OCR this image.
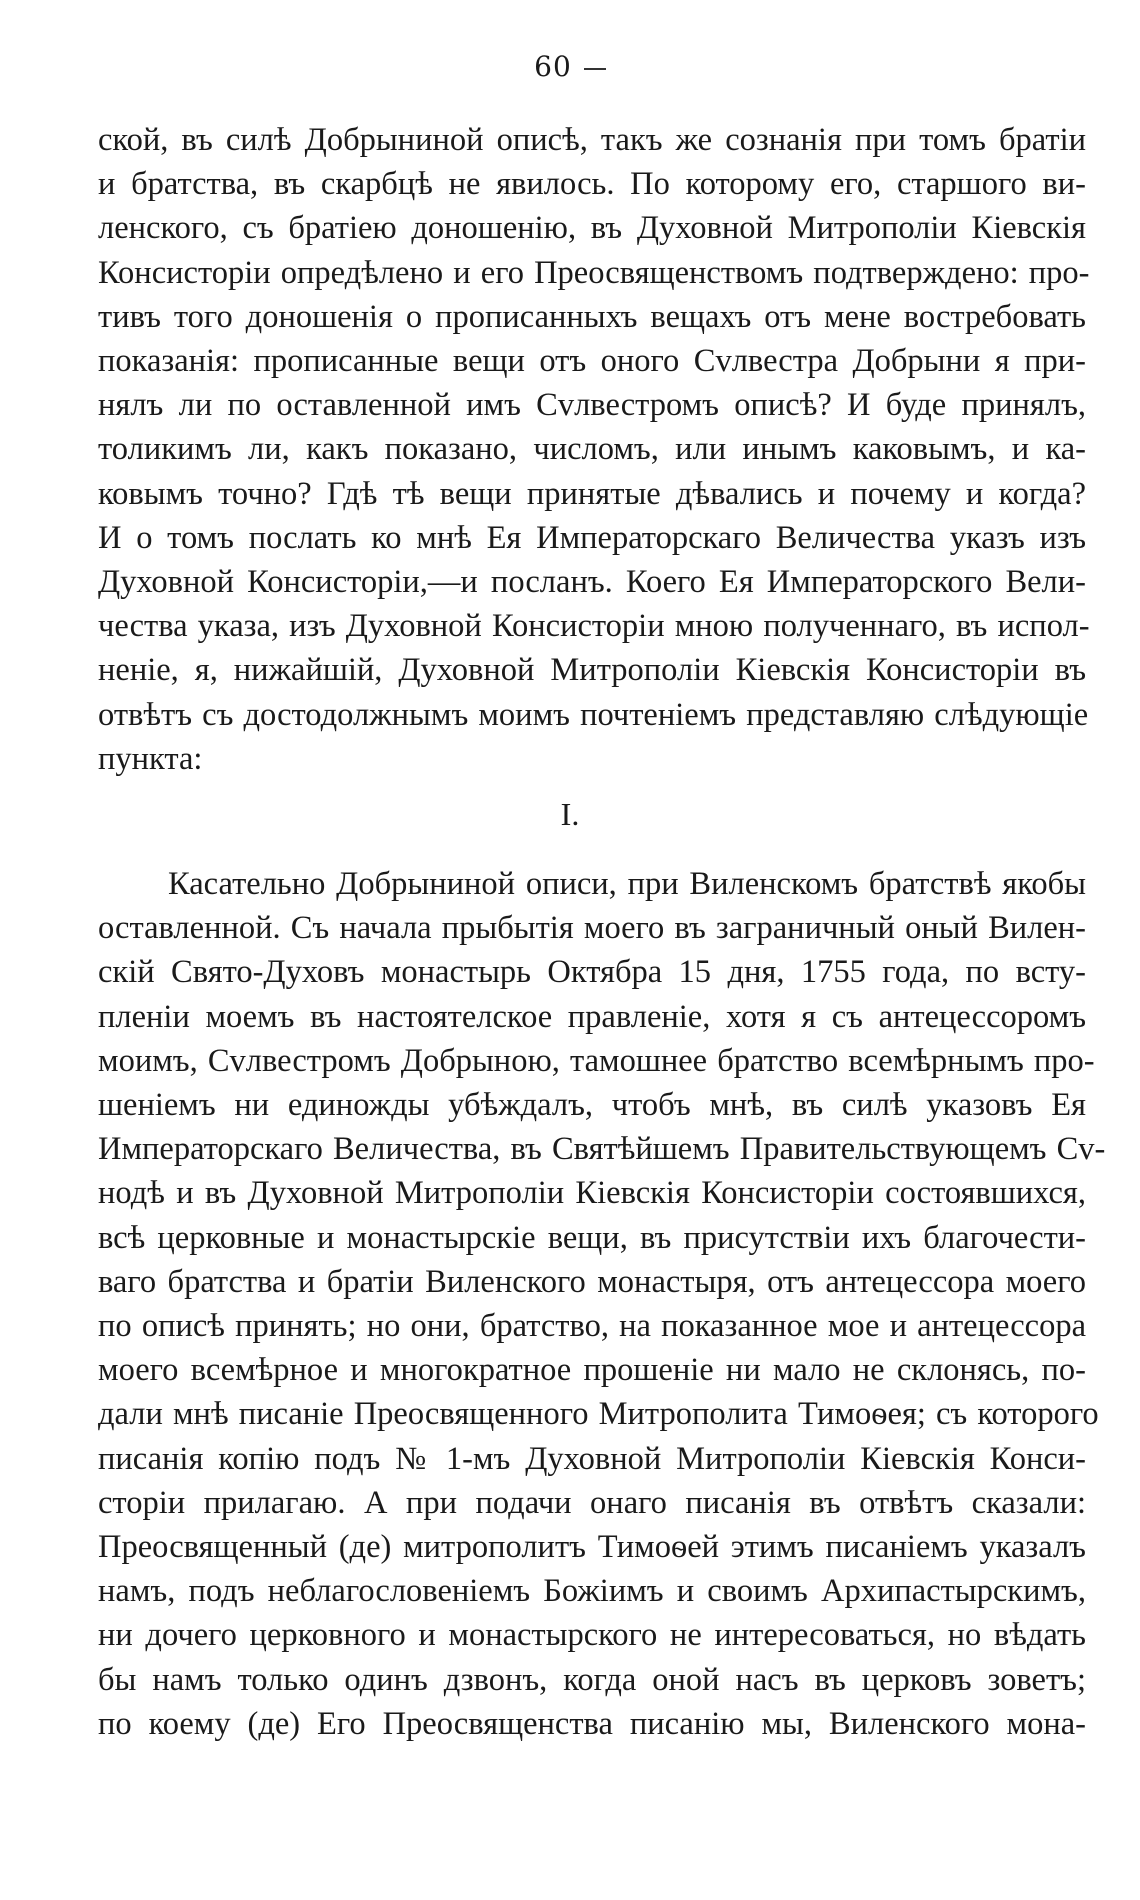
60

ской, въ силѣ Добрыниной описѣ, такъ же сознанія при томъ братіи
и братства, въ скарбцѣ не явилось. По которому его, старшого ви-
ленского, съ братіею доношенію, въ Духовной Митрополіи Кіевскія
Консисторіи опредѣлено и его Преосвященствомъ подтверждено: про-
тивъ того доношенія о прописанныхъ вещахъ отъ мене востребовать
показанія: прописанные вещи отъ оного Сvлвестра Добрыни я при-
нялъ ли по оставленной имъ Сvлвестромъ описѣ? И буде принялъ,
толикимъ ли, какъ показано, числомъ, или инымъ каковымъ, и ка-
ковымъ точно? Гдѣ тѣ вещи принятые дѣвались и почему и когда?
И о томъ послать ко мнѣ Ея Императорскаго Величества указъ изъ
Духовной Консисторіи,—и посланъ. Коего Ея Императорского Вели-
чества указа, изъ Духовной Консисторіи мною полученнаго, въ испол-
неніе, я, нижайшій, Духовной Митрополіи Кіевскія Консисторіи въ
отвѣтъ съ достодолжнымъ моимъ почтеніемъ представляю слѣдующіе
пункта:

I.

Касательно Добрыниной описи, при Виленскомъ братствѣ якобы
оставленной. Съ начала прыбытія моего въ заграничный оный Вилен-
скій Свято-Духовъ монастырь Октябра 15 дня, 1755 года, по всту-
пленіи моемъ въ настоятелское правленіе, хотя я съ антецессоромъ
моимъ, Сvлвестромъ Добрыною, тамошнее братство всемѣрнымъ про-
шеніемъ ни единожды убѣждалъ, чтобъ мнѣ, въ силѣ указовъ Ея
Императорскаго Величества, въ Святѣйшемъ Правительствующемъ Сv-
нодѣ и въ Духовной Митрополіи Кіевскія Консисторіи состоявшихся,
всѣ церковные и монастырскіе вещи, въ присутствіи ихъ благочести-
ваго братства и братіи Виленского монастыря, отъ антецессора моего
по описѣ принять; но они, братство, на показанное мое и антецессора
моего всемѣрное и многократное прошеніе ни мало не склонясь, по-
дали мнѣ писаніе Преосвященного Митрополита Тимоѳея; съ которого
писанія копію подъ № 1-мъ Духовной Митрополіи Кіевскія Конси-
сторіи прилагаю. А при подачи онаго писанія въ отвѣтъ сказали:
Преосвященный (де) митрополитъ Тимоѳей этимъ писаніемъ указалъ
намъ, подъ неблагословеніемъ Божіимъ и своимъ Архипастырскимъ,
ни дочего церковного и монастырского не интересоваться, но вѣдать
бы намъ только одинъ дзвонъ, когда оной насъ въ церковъ зоветъ;
по коему (де) Его Преосвященства писанію мы, Виленского мона-
